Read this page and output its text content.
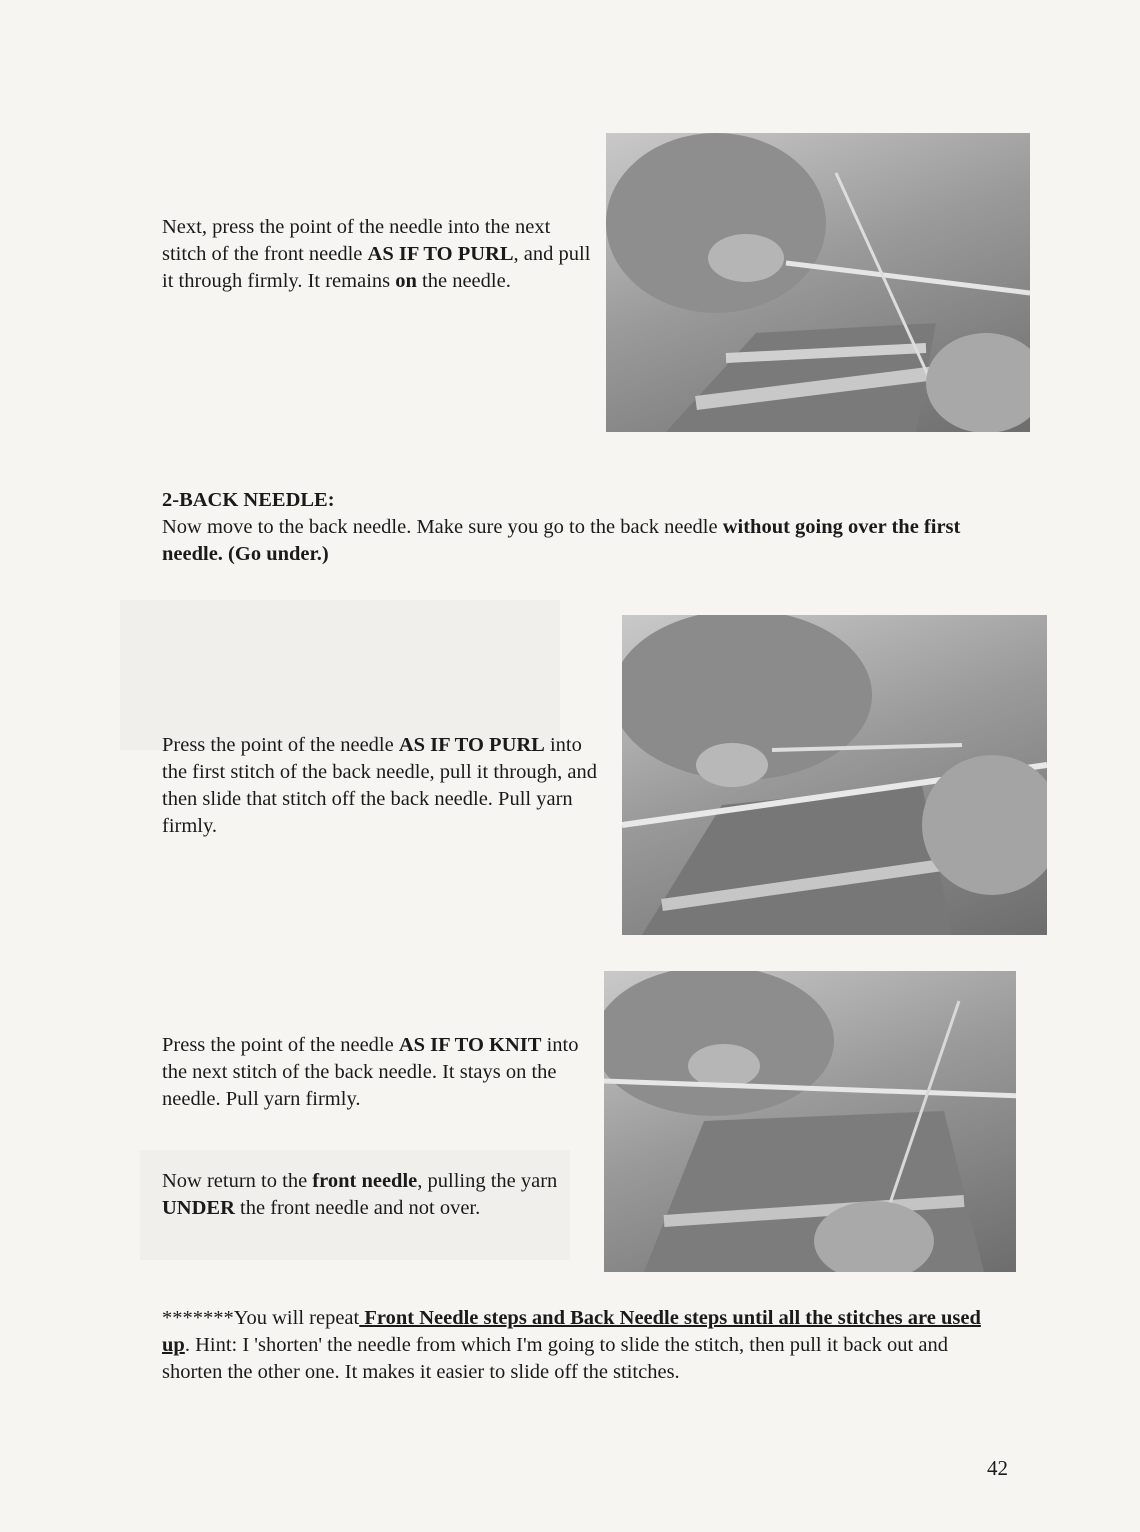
Next, press the point of the needle into the next stitch of the front needle AS IF TO PURL, and pull it through firmly. It remains on the needle.

2-BACK NEEDLE:

Now move to the back needle. Make sure you go to the back needle without going over the first needle. (Go under.)

Press the point of the needle AS IF TO PURL into the first stitch of the back needle, pull it through, and then slide that stitch off the back needle. Pull yarn firmly.

Press the point of the needle AS IF TO KNIT into the next stitch of the back needle. It stays on the needle. Pull yarn firmly.

Now return to the front needle, pulling the yarn UNDER the front needle and not over.

*******You will repeat Front Needle steps and Back Needle steps until all the stitches are used up. Hint: I 'shorten' the needle from which I'm going to slide the stitch, then pull it back out and shorten the other one. It makes it easier to slide off the stitches.

42
